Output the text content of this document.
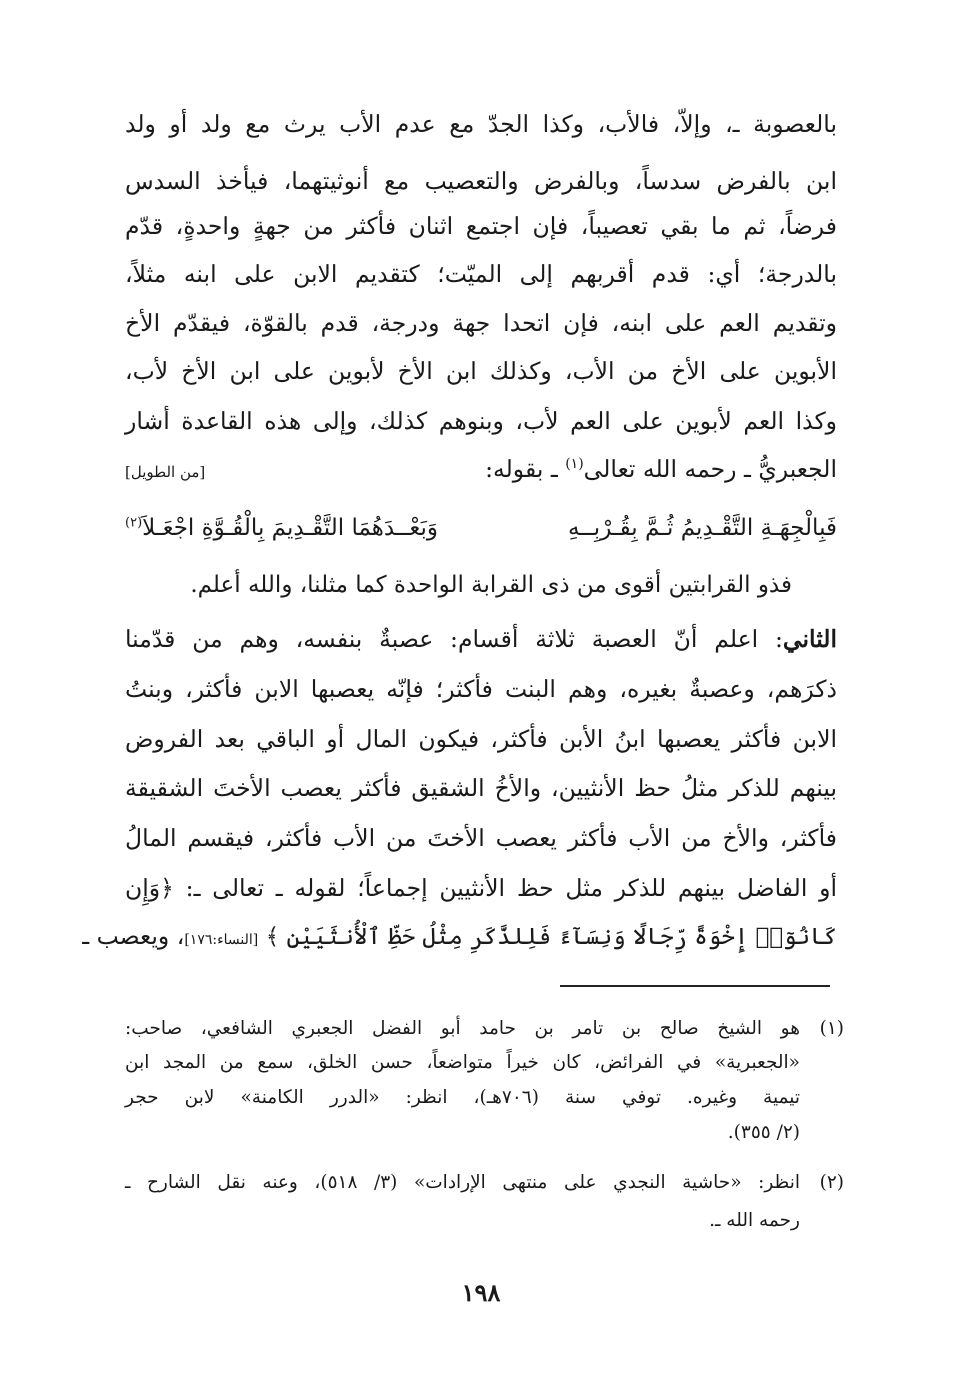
بالعصوبة ـ، وإلاّ، فالأب، وكذا الجدّ مع عدم الأب يرث مع ولد أو ولد
ابن بالفرض سدساً، وبالفرض والتعصيب مع أنوثيتهما، فيأخذ السدس
فرضاً، ثم ما بقي تعصيباً، فإن اجتمع اثنان فأكثر من جهةٍ واحدةٍ، قدّم
بالدرجة؛ أي: قدم أقربهم إلى الميّت؛ كتقديم الابن على ابنه مثلاً،
وتقديم العم على ابنه، فإن اتحدا جهة ودرجة، قدم بالقوّة، فيقدّم الأخ
الأبوين على الأخ من الأب، وكذلك ابن الأخ لأبوين على ابن الأخ لأب،
وكذا العم لأبوين على العم لأب، وبنوهم كذلك، وإلى هذه القاعدة أشار
الجعبريُّ ـ رحمه الله تعالى$^{(١)}$ ـ بقوله:
[من الطويل]
فَبِالْجِهَـةِ التَّقْـدِيمُ ثُـمَّ بِقُـرْبِــهِ
وَبَعْــدَهُمَا التَّقْـدِيمَ بِالْقُـوَّةِ اجْعَـلاَ$^{(٢)}$
فذو القرابتين أقوى من ذى القرابة الواحدة كما مثلنا، والله أعلم.
الثاني: اعلم أنّ العصبة ثلاثة أقسام: عصبةٌ بنفسه، وهم من قدّمنا
ذكرَهم، وعصبةٌ بغيره، وهم البنت فأكثر؛ فإنّه يعصبها الابن فأكثر، وبنتُ
الابن فأكثر يعصبها ابنُ الأبن فأكثر، فيكون المال أو الباقي بعد الفروض
بينهم للذكر مثلُ حظ الأنثيين، والأخُ الشقيق فأكثر يعصب الأختَ الشقيقة
فأكثر، والأخ من الأب فأكثر يعصب الأختَ من الأب فأكثر، فيقسم المالُ
أو الفاضل بينهم للذكر مثل حظ الأنثيين إجماعاً؛ لقوله ـ تعالى ـ: ﴿وَإِن
كَانُوٓا۟ إِخْوَةً رِّجَالًا وَنِسَآءً فَلِلذَّكَرِ مِثْلُ حَظِّ ٱلْأُنثَيَيْنِ ﴾ [النساء:١٧٦]، ويعصب ـ
(١)
هو الشيخ صالح بن تامر بن حامد أبو الفضل الجعبري الشافعي، صاحب:
«الجعبرية» في الفرائض، كان خيراً متواضعاً، حسن الخلق، سمع من المجد ابن
تيمية وغيره. توفي سنة (٧٠٦هـ)، انظر: «الدرر الكامنة» لابن حجر
(٢/ ٣٥٥).
(٢)
انظر: «حاشية النجدي على منتهى الإرادات» (٣/ ٥١٨)، وعنه نقل الشارح ـ
رحمه الله ـ.
١٩٨
